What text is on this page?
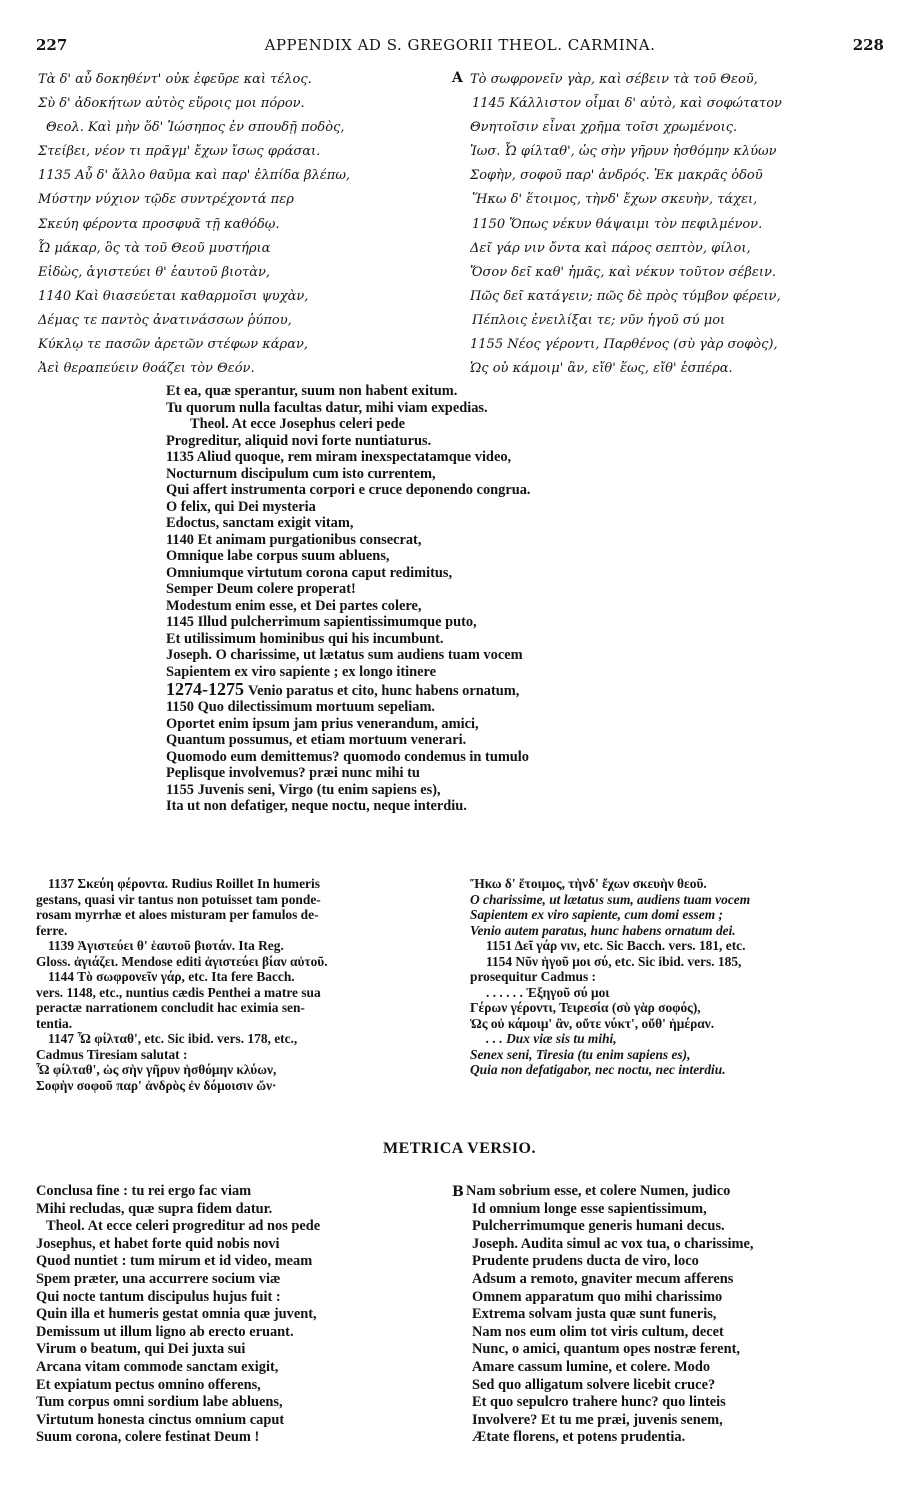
227	APPENDIX AD S. GREGORII THEOL. CARMINA.	228
Τὰ δ' αὖ δοκηθέντ' οὐκ ἐφεῦρε καὶ τέλος.
Σὺ δ' ἀδοκήτων αὐτὸς εὕροις μοι πόρον.
Θεολ. Καὶ μὴν ὅδ' Ἰώσηπος ἐν σπουδῇ ποδὸς,
Στείβει, νέον τι πρᾶγμ' ἔχων ἴσως φράσαι.
1135 Αὖ δ' ἄλλο θαῦμα καὶ παρ' ἐλπίδα βλέπω,
Μύστην νύχιον τῷδε συντρέχοντά περ
Σκεύη φέροντα προσφυᾶ τῇ καθόδῳ.
Ὦ μάκαρ, ὃς τὰ τοῦ Θεοῦ μυστήρια
Εἰδὼς, ἁγιστεύει θ' ἑαυτοῦ βιοτὰν,
1140 Καὶ θιασεύεται καθαρμοῖσι ψυχὰν,
Δέμας τε παντὸς ἀνατινάσσων ῥύπου,
Κύκλῳ τε πασῶν ἀρετῶν στέφων κάραν,
Ἀεὶ θεραπεύειν θοάζει τὸν Θεόν.
A Τὸ σωφρονεῖν γὰρ, καὶ σέβειν τὰ τοῦ Θεοῦ,
1145 Κάλλιστον οἶμαι δ' αὐτὸ, καὶ σοφώτατον
Θνητοῖσιν εἶναι χρῆμα τοῖσι χρωμένοις.
Ἰωσ. Ὦ φίλταθ', ὡς σὴν γῆρυν ἡσθόμην κλύων
Σοφὴν, σοφοῦ παρ' ἀνδρός. Ἐκ μακρᾶς ὁδοῦ
Ἥκω δ' ἕτοιμος, τὴνδ' ἔχων σκευὴν, τάχει,
1150 Ὅπως νέκυν θάψαιμι τὸν πεφιλμένον.
Δεῖ γάρ νιν ὄντα καὶ πάρος σεπτὸν, φίλοι,
Ὅσον δεῖ καθ' ἡμᾶς, καὶ νέκυν τοῦτον σέβειν.
Πῶς δεῖ κατάγειν; πῶς δὲ πρὸς τύμβον φέρειν,
Πέπλοις ἐνειλίξαι τε; νῦν ἡγοῦ σύ μοι
1155 Νέος γέροντι, Παρθένος (σὺ γὰρ σοφὸς),
Ὡς οὐ κάμοιμ' ἂν, εἴθ' ἕως, εἴθ' ἑσπέρα.
Et ea, quæ sperantur, suum non habent exitum.
Tu quorum nulla facultas datur, mihi viam expedias.
Theol. At ecce Josephus celeri pede
Progreditur, aliquid novi forte nuntiaturus.
1135 Aliud quoque, rem miram inexspectatamque video,
Nocturnum discipulum cum isto currentem,
Qui affert instrumenta corpori e cruce deponendo congrua.
O felix, qui Dei mysteria
Edoctus, sanctam exigit vitam,
1140 Et animam purgationibus consecrat,
Omnique labe corpus suum abluens,
Omniumque virtutum corona caput redimitus,
Semper Deum colere properat!
Modestum enim esse, et Dei partes colere,
1145 Illud pulcherrimum sapientissimumque puto,
Et utilissimum hominibus qui his incumbunt.
Joseph. O charissime, ut lætatus sum audiens tuam vocem
Sapientem ex viro sapiente ; ex longo itinere
1274-1275 Venio paratus et cito, hunc habens ornatum,
1150 Quo dilectissimum mortuum sepeliam.
Oportet enim ipsum jam prius venerandum, amici,
Quantum possumus, et etiam mortuum venerari.
Quomodo eum demittemus? quomodo condemus in tumulo
Peplisque involvemus? præi nunc mihi tu
1155 Juvenis seni, Virgo (tu enim sapiens es),
Ita ut non defatiger, neque noctu, neque interdiu.
1137 Σκεύη φέροντα. Rudius Roillet In humeris
gestans, quasi vir tantus non potuisset tam ponde-
rosam myrrhæ et aloes misturam per famulos de-
ferre.
1139 Ἁγιστεύει θ' ἑαυτοῦ βιοτάν. Ita Reg.
Gloss. ἁγιάζει. Mendose editi ἁγιστεύει βίαν αὐτοῦ.
1144 Τὸ σωφρονεῖν γάρ, etc. Ita fere Bacch.
vers. 1148, etc., nuntius cædis Penthei a matre sua
peractæ narrationem concludit hac eximia sen-
tentia.
1147 Ὦ φίλταθ', etc. Sic ibid. vers. 178, etc.,
Cadmus Tiresiam salutat :
Ὦ φίλταθ', ὡς σὴν γῆρυν ἡσθόμην κλύων,
Σοφὴν σοφοῦ παρ' ἀνδρὸς ἐν δόμοισιν ὤν·
Ἥκω δ' ἕτοιμος, τὴνδ' ἔχων σκευὴν θεοῦ.
O charissime, ut lætatus sum, audiens tuam vocem
Sapientem ex viro sapiente, cum domi essem ;
Venio autem paratus, hunc habens ornatum dei.
1151 Δεῖ γάρ νιν, etc. Sic Bacch. vers. 181, etc.
1154 Νῦν ἡγοῦ μοι σύ, etc. Sic ibid. vers. 185,
prosequitur Cadmus :
. . . . . . Ἐξηγοῦ σύ μοι
Γέρων γέροντι, Τειρεσία (σὺ γὰρ σοφός),
Ὡς οὐ κάμοιμ' ἂν, οὔτε νύκτ', οὔθ' ἡμέραν.
. . . Dux viæ sis tu mihi,
Senex seni, Tiresia (tu enim sapiens es),
Quia non defatigabor, nec noctu, nec interdiu.
METRICA VERSIO.
Conclusa fine : tu rei ergo fac viam
Mihi recludas, quæ supra fidem datur.
Theol. At ecce celeri progreditur ad nos pede
Josephus, et habet forte quid nobis novi
Quod nuntiet : tum mirum et id video, meam
Spem præter, una accurrere socium viæ
Qui nocte tantum discipulus hujus fuit :
Quin illa et humeris gestat omnia quæ juvent,
Demissum ut illum ligno ab erecto eruant.
Virum o beatum, qui Dei juxta sui
Arcana vitam commode sanctam exigit,
Et expiatum pectus omnino offerens,
Tum corpus omni sordium labe abluens,
Virtutum honesta cinctus omnium caput
Suum corona, colere festinat Deum !
B Nam sobrium esse, et colere Numen, judico
Id omnium longe esse sapientissimum,
Pulcherrimumque generis humani decus.
Joseph. Audita simul ac vox tua, o charissime,
Prudente prudens ducta de viro, loco
Adsum a remoto, gnaviter mecum afferens
Omnem apparatum quo mihi charissimo
Extrema solvam justa quæ sunt funeris,
Nam nos eum olim tot viris cultum, decet
Nunc, o amici, quantum opes nostræ ferent,
Amare cassum lumine, et colere. Modo
Sed quo alligatum solvere licebit cruce?
Et quo sepulcro trahere hunc? quo linteis
Involvere? Et tu me præi, juvenis senem,
Ætate florens, et potens prudentia.
